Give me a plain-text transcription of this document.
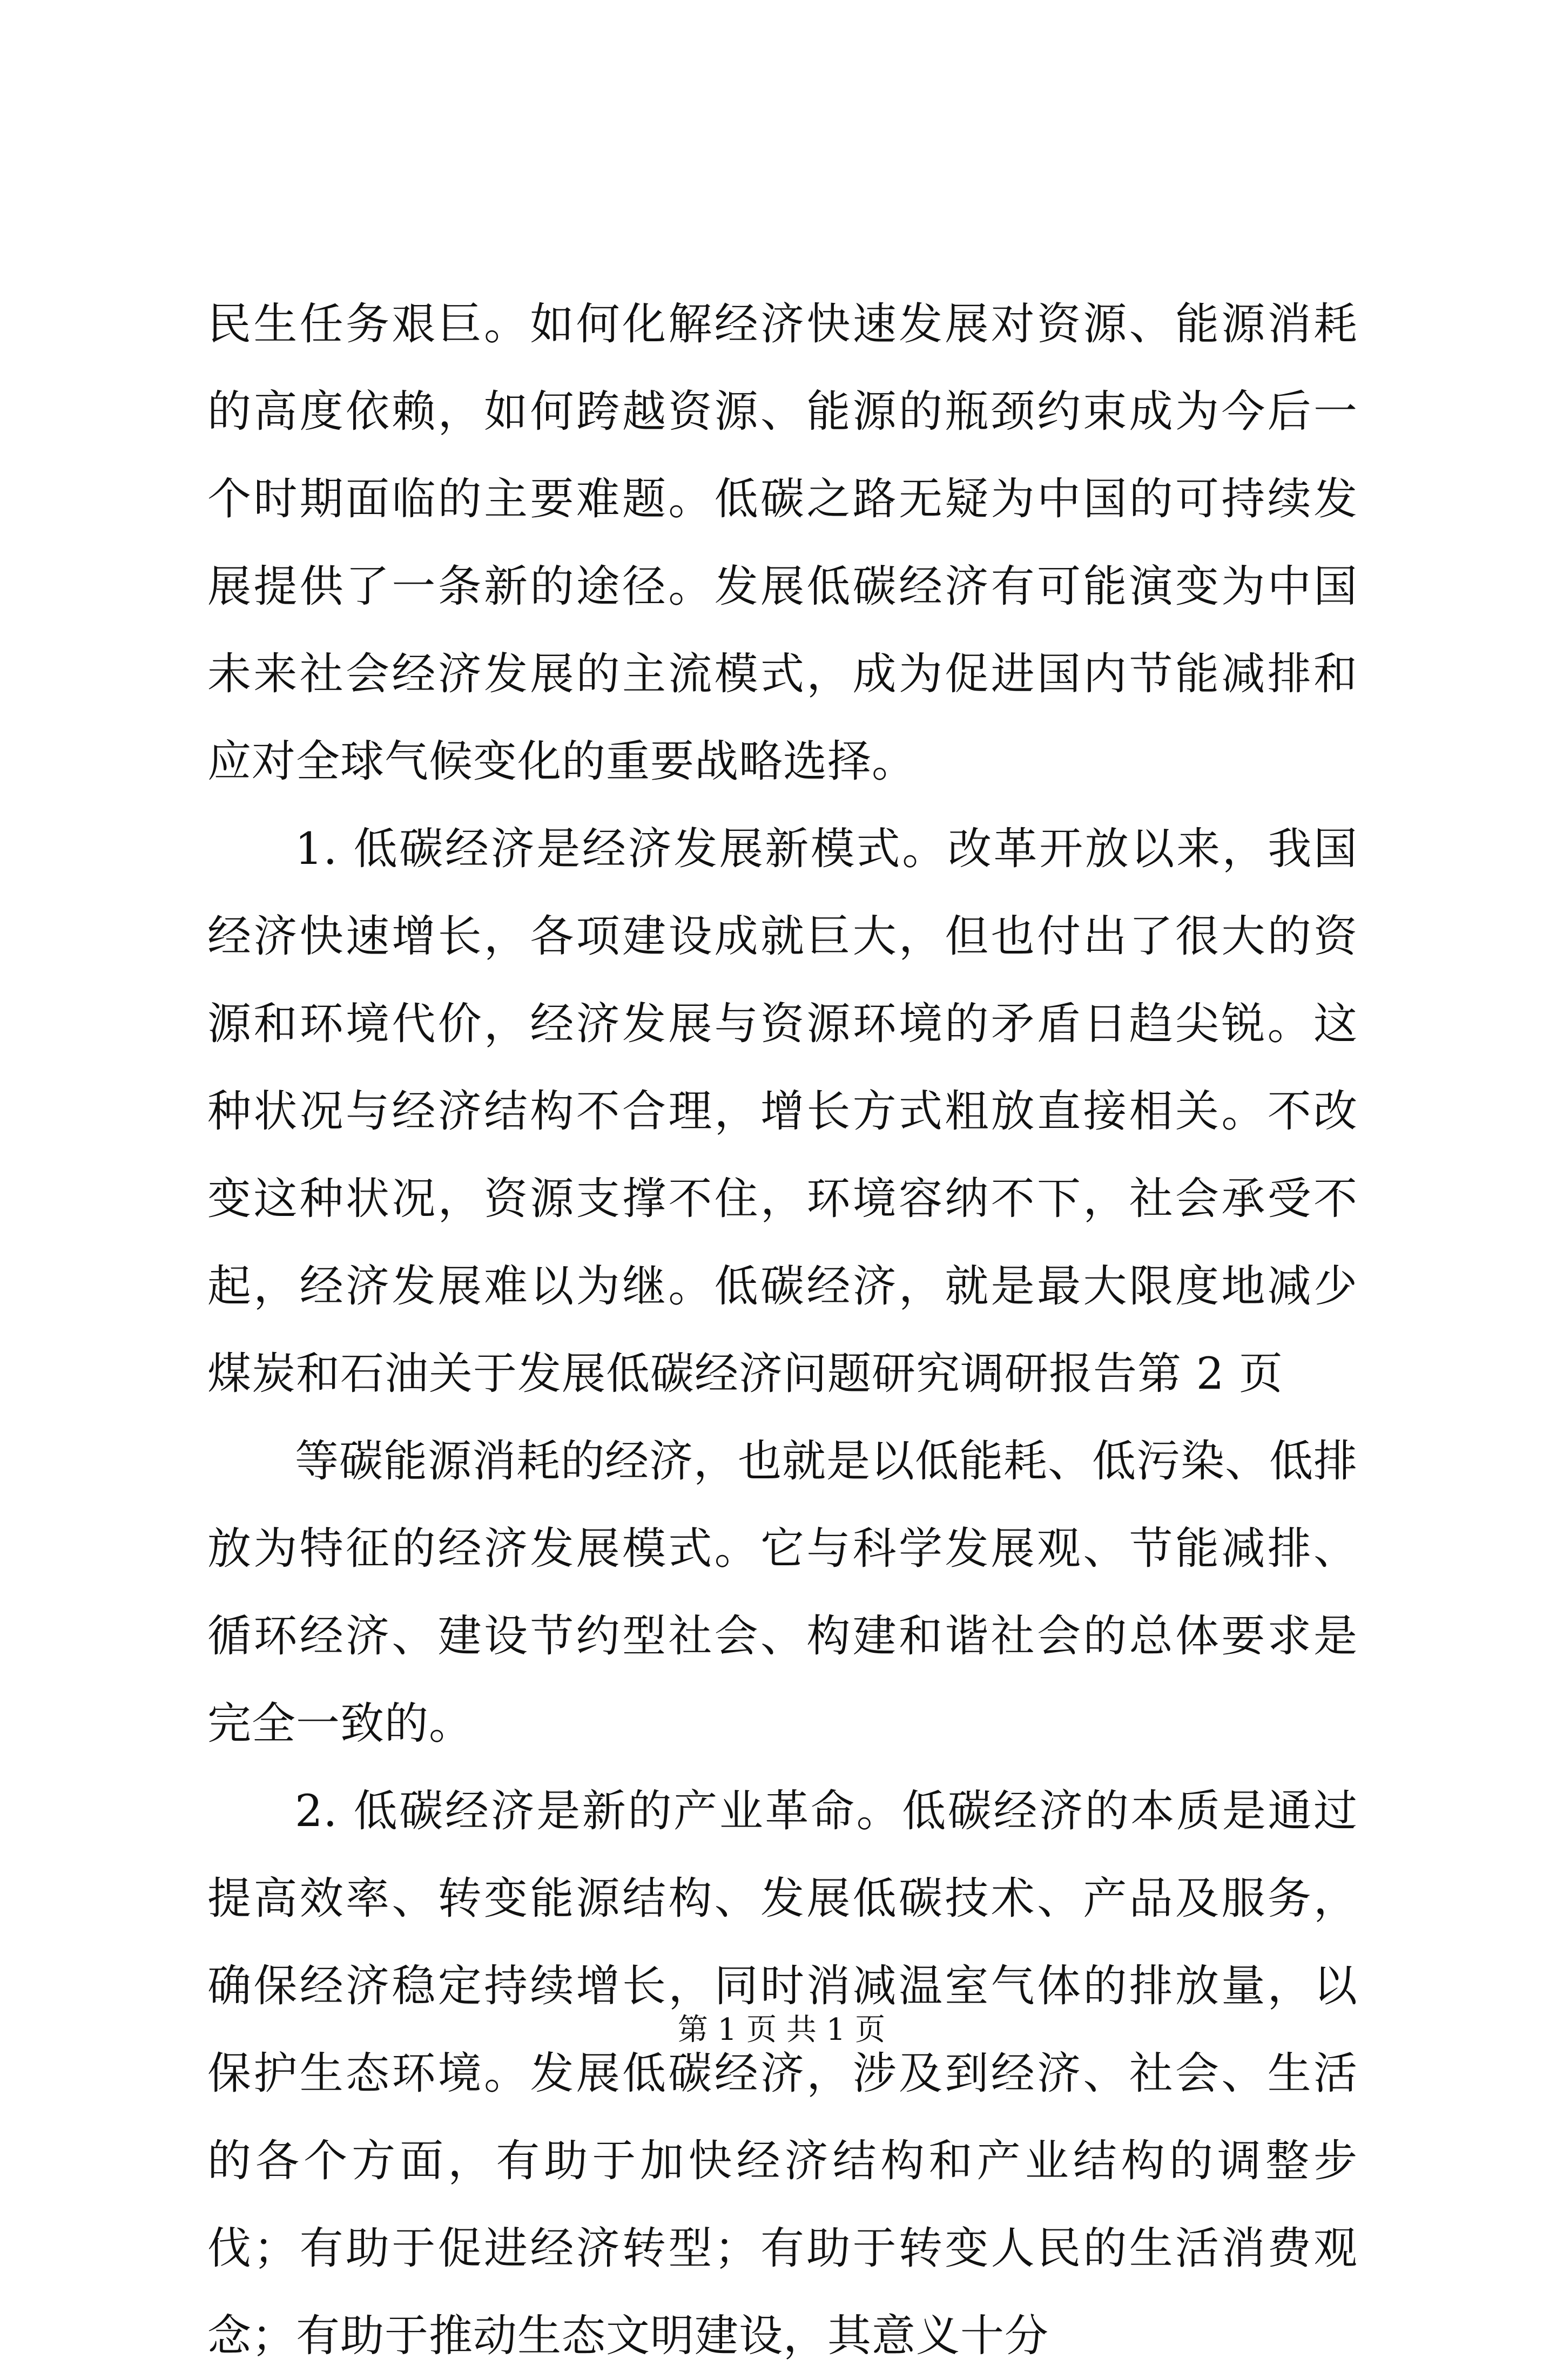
民生任务艰巨。如何化解经济快速发展对资源、能源消耗的高度依赖，如何跨越资源、能源的瓶颈约束成为今后一个时期面临的主要难题。低碳之路无疑为中国的可持续发展提供了一条新的途径。发展低碳经济有可能演变为中国未来社会经济发展的主流模式，成为促进国内节能减排和应对全球气候变化的重要战略选择。

1. 低碳经济是经济发展新模式。改革开放以来，我国经济快速增长，各项建设成就巨大，但也付出了很大的资源和环境代价，经济发展与资源环境的矛盾日趋尖锐。这种状况与经济结构不合理，增长方式粗放直接相关。不改变这种状况，资源支撑不住，环境容纳不下，社会承受不起，经济发展难以为继。低碳经济，就是最大限度地减少煤炭和石油关于发展低碳经济问题研究调研报告第 2 页

等碳能源消耗的经济，也就是以低能耗、低污染、低排放为特征的经济发展模式。它与科学发展观、节能减排、循环经济、建设节约型社会、构建和谐社会的总体要求是完全一致的。

2. 低碳经济是新的产业革命。低碳经济的本质是通过提高效率、转变能源结构、发展低碳技术、产品及服务，确保经济稳定持续增长，同时消减温室气体的排放量，以保护生态环境。发展低碳经济，涉及到经济、社会、生活的各个方面，有助于加快经济结构和产业结构的调整步伐；有助于促进经济转型；有助于转变人民的生活消费观念；有助于推动生态文明建设，其意义十分

第 1 页 共 1 页
